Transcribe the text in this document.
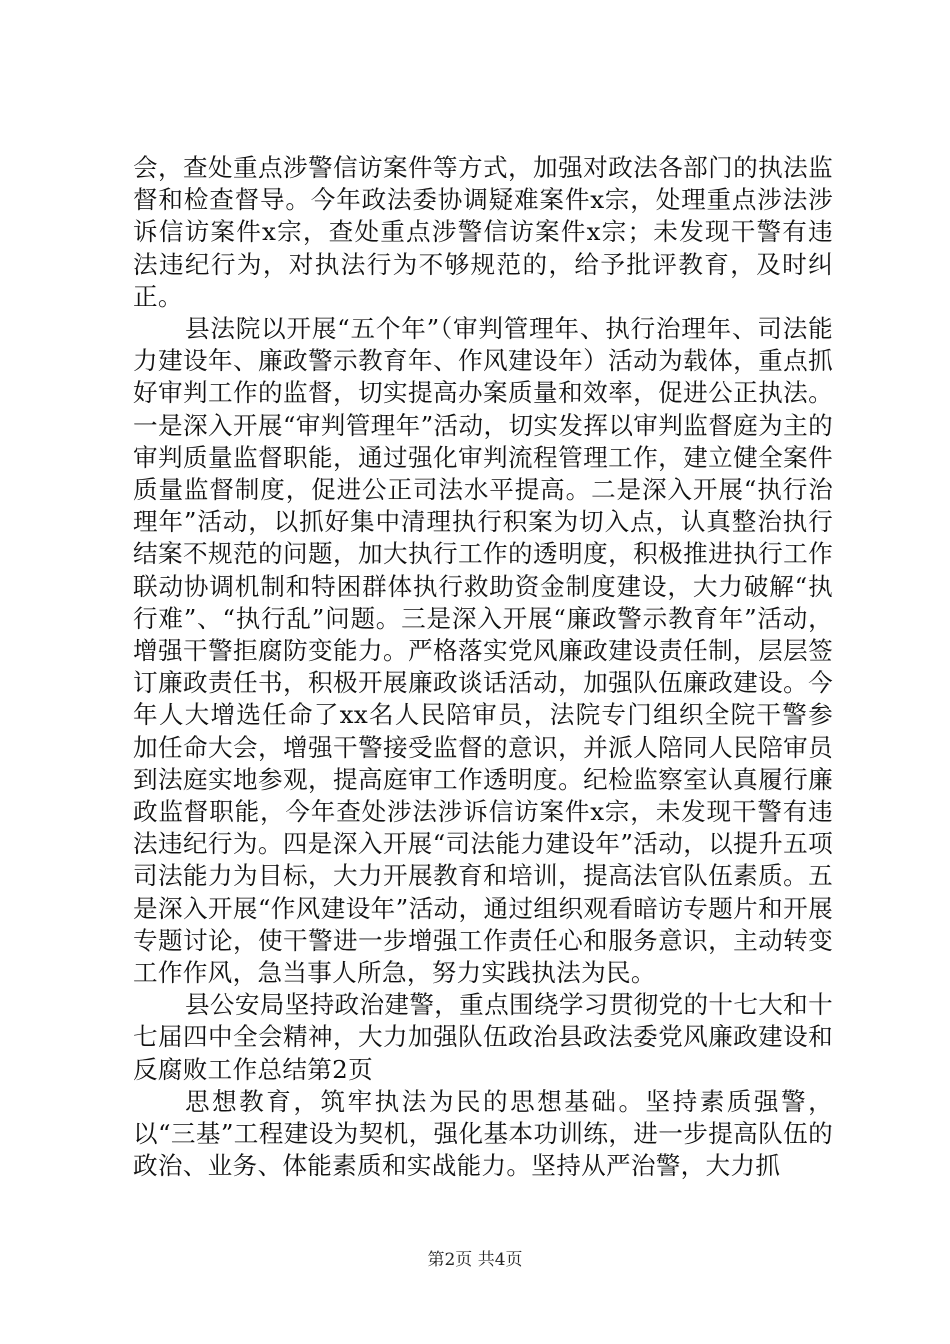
会，查处重点涉警信访案件等方式，加强对政法各部门的执法监督和检查督导。今年政法委协调疑难案件x宗，处理重点涉法涉诉信访案件x宗，查处重点涉警信访案件x宗；未发现干警有违法违纪行为，对执法行为不够规范的，给予批评教育，及时纠正。

县法院以开展“五个年”（审判管理年、执行治理年、司法能力建设年、廉政警示教育年、作风建设年）活动为载体，重点抓好审判工作的监督，切实提高办案质量和效率，促进公正执法。一是深入开展“审判管理年”活动，切实发挥以审判监督庭为主的审判质量监督职能，通过强化审判流程管理工作，建立健全案件质量监督制度，促进公正司法水平提高。二是深入开展“执行治理年”活动，以抓好集中清理执行积案为切入点，认真整治执行结案不规范的问题，加大执行工作的透明度，积极推进执行工作联动协调机制和特困群体执行救助资金制度建设，大力破解“执行难”、“执行乱”问题。三是深入开展“廉政警示教育年”活动，增强干警拒腐防变能力。严格落实党风廉政建设责任制，层层签订廉政责任书，积极开展廉政谈话活动，加强队伍廉政建设。今年人大增选任命了xx名人民陪审员，法院专门组织全院干警参加任命大会，增强干警接受监督的意识，并派人陪同人民陪审员到法庭实地参观，提高庭审工作透明度。纪检监察室认真履行廉政监督职能，今年查处涉法涉诉信访案件x宗，未发现干警有违法违纪行为。四是深入开展“司法能力建设年”活动，以提升五项司法能力为目标，大力开展教育和培训，提高法官队伍素质。五是深入开展“作风建设年”活动，通过组织观看暗访专题片和开展专题讨论，使干警进一步增强工作责任心和服务意识，主动转变工作作风，急当事人所急，努力实践执法为民。

县公安局坚持政治建警，重点围绕学习贯彻党的十七大和十七届四中全会精神，大力加强队伍政治县政法委党风廉政建设和反腐败工作总结第2页

思想教育，筑牢执法为民的思想基础。坚持素质强警，以“三基”工程建设为契机，强化基本功训练，进一步提高队伍的政治、业务、体能素质和实战能力。坚持从严治警，大力抓

第2页 共4页
